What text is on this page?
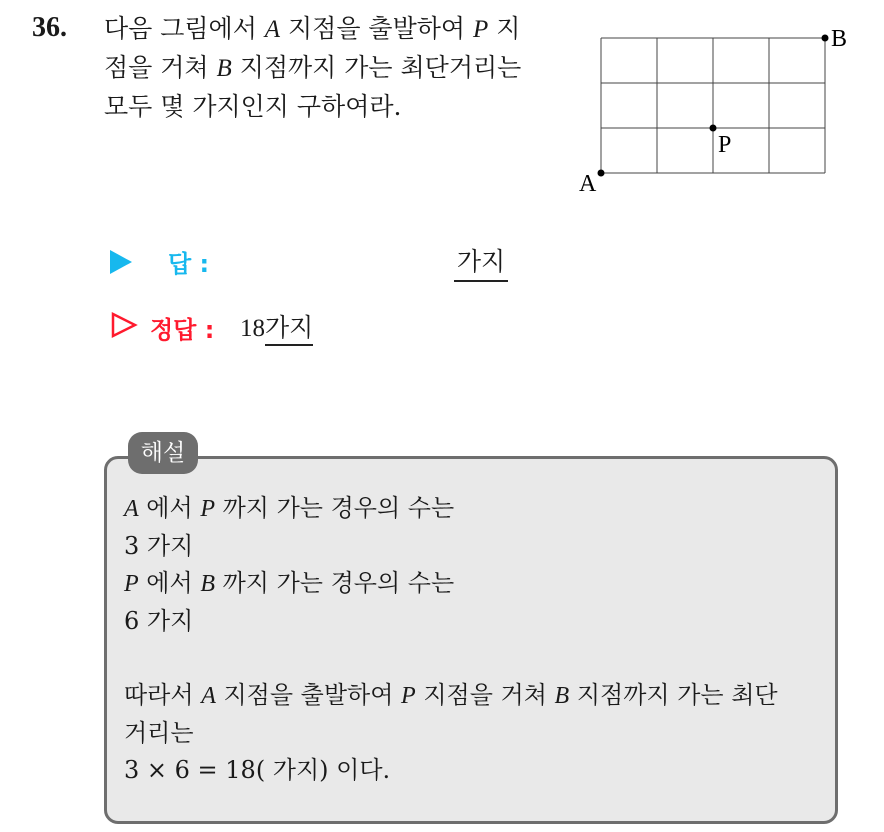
36. 다음 그림에서 A 지점을 출발하여 P 지

점을 거쳐 B 지점까지 가는 최단거리는

모두 몇 가지인지 구하여라.

A
P
B
답 :	가지
정답 : 18가지
해설

A 에서 P 까지 가는 경우의 수는

3 가지

P 에서 B 까지 가는 경우의 수는

6 가지

따라서 A 지점을 출발하여 P 지점을 거쳐 B 지점까지 가는 최단

거리는

3 × 6 = 18( 가지) 이다.
